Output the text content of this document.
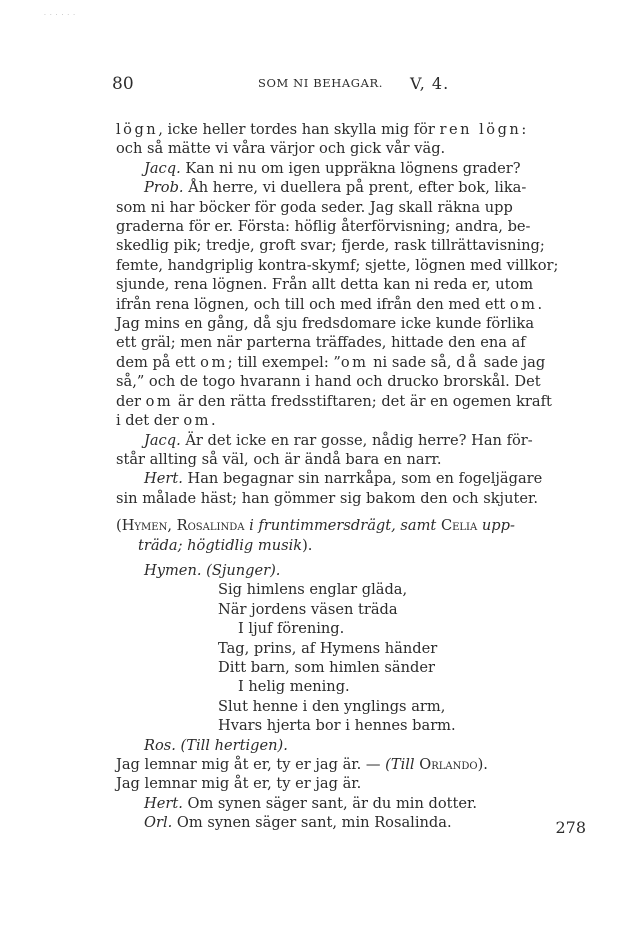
· · · · · ·
80	SOM NI BEHAGAR. V, 4.

lögn, icke heller tordes han skylla mig för ren lögn:
och så mätte vi våra värjor och gick vår väg.

Jacq. Kan ni nu om igen uppräkna lögnens grader?

Prob. Åh herre, vi duellera på prent, efter bok, lika-
som ni har böcker för goda seder. Jag skall räkna upp
graderna för er. Första: höflig återförvisning; andra, be-
skedlig pik; tredje, groft svar; fjerde, rask tillrättavisning;
femte, handgriplig kontra-skymf; sjette, lögnen med villkor;
sjunde, rena lögnen. Från allt detta kan ni reda er, utom
ifrån rena lögnen, och till och med ifrån den med ett om.
Jag mins en gång, då sju fredsdomare icke kunde förlika
ett gräl; men när parterna träffades, hittade den ena af
dem på ett om; till exempel: ”om ni sade så, då sade jag
så,” och de togo hvarann i hand och drucko brorskål. Det
der om är den rätta fredsstiftaren; det är en ogemen kraft
i det der om.

Jacq. Är det icke en rar gosse, nådig herre? Han för-
står allting så väl, och är ändå bara en narr.

Hert. Han begagnar sin narrkåpa, som en fogeljägare
sin målade häst; han gömmer sig bakom den och skjuter.

(Hymen, Rosalinda i fruntimmersdrägt, samt Celia upp-
träda; högtidlig musik).

Hymen. (Sjunger).

Sig himlens englar gläda,

När jordens väsen träda

I ljuf förening.

Tag, prins, af Hymens händer

Ditt barn, som himlen sänder

I helig mening.

Slut henne i den ynglings arm,

Hvars hjerta bor i hennes barm.

Ros. (Till hertigen).

Jag lemnar mig åt er, ty er jag är. — (Till Orlando).
Jag lemnar mig åt er, ty er jag är.

Hert. Om synen säger sant, är du min dotter.

Orl. Om synen säger sant, min Rosalinda.	278
